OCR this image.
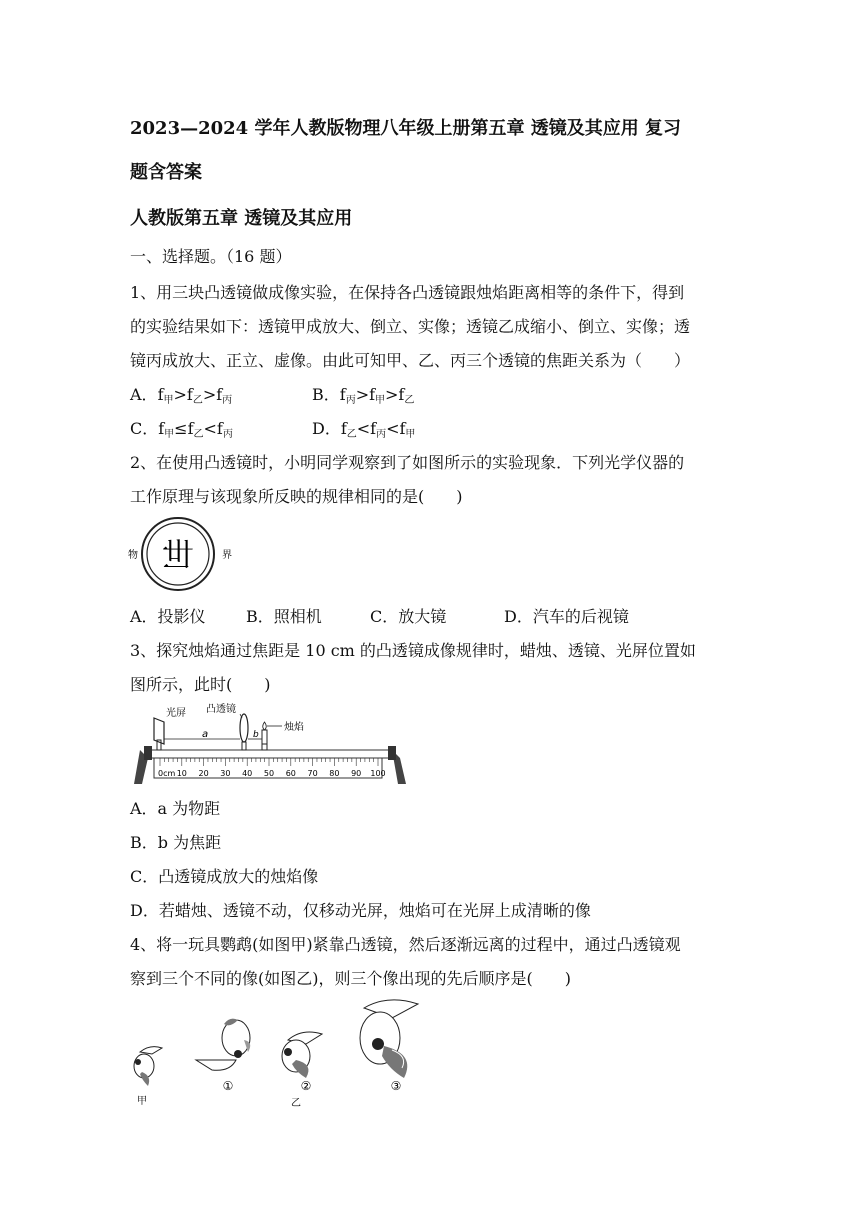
2023—2024 学年人教版物理八年级上册第五章 透镜及其应用 复习
题含答案
人教版第五章 透镜及其应用
一、选择题。（16 题）
1、用三块凸透镜做成像实验，在保持各凸透镜跟烛焰距离相等的条件下，得到
的实验结果如下：透镜甲成放大、倒立、实像；透镜乙成缩小、倒立、实像；透
镜丙成放大、正立、虚像。由此可知甲、乙、丙三个透镜的焦距关系为（　　）
A．$f_甲>f_乙>f_丙$	B．$f_丙>f_甲>f_乙$
C．$f_甲\le f_乙<f_丙$	D．$f_乙<f_丙<f_甲$
2、在使用凸透镜时，小明同学观察到了如图所示的实验现象．下列光学仪器的
工作原理与该现象所反映的规律相同的是(　　)
物 世	界
A．投影仪	B．照相机	C．放大镜	D．汽车的后视镜
3、探究烛焰通过焦距是 10 cm 的凸透镜成像规律时，蜡烛、透镜、光屏位置如
图所示，此时(　　)
光屏 凸透镜
烛焰
a	b
0cm 10 20 30 40 50 60 70 80 90 100
A．a 为物距
B．b 为焦距
C．凸透镜成放大的烛焰像
D．若蜡烛、透镜不动，仅移动光屏，烛焰可在光屏上成清晰的像
4、将一玩具鹦鹉(如图甲)紧靠凸透镜，然后逐渐远离的过程中，通过凸透镜观
察到三个不同的像(如图乙)，则三个像出现的先后顺序是(　　)
甲
①	②
乙
③
